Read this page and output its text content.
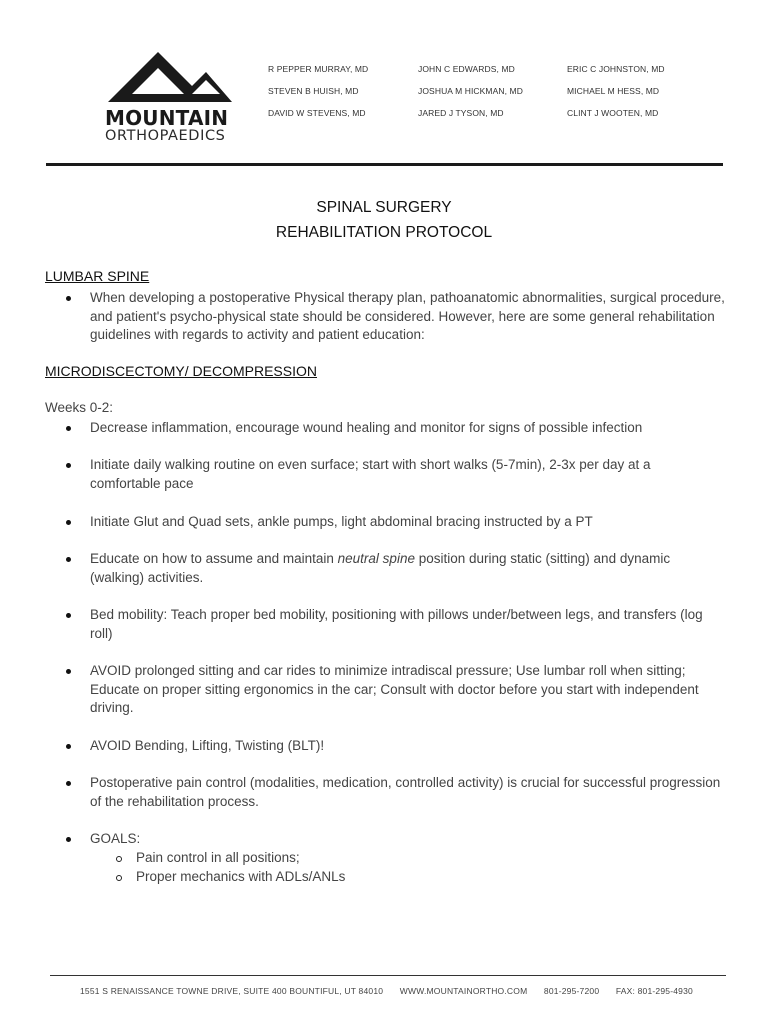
MOUNTAIN
ORTHOPAEDICS
R PEPPER MURRAY, MD	JOHN C EDWARDS, MD	ERIC C JOHNSTON, MD
STEVEN B HUISH, MD	JOSHUA M HICKMAN, MD	MICHAEL M HESS, MD
DAVID W STEVENS, MD	JARED J TYSON, MD	CLINT J WOOTEN, MD
SPINAL SURGERY
REHABILITATION PROTOCOL
LUMBAR SPINE
When developing a postoperative Physical therapy plan, pathoanatomic abnormalities, surgical procedure, and patient's psycho-physical state should be considered. However, here are some general rehabilitation guidelines with regards to activity and patient education:
MICRODISCECTOMY/ DECOMPRESSION
Weeks 0-2:
Decrease inflammation, encourage wound healing and monitor for signs of possible infection
Initiate daily walking routine on even surface; start with short walks (5-7min), 2-3x per day at a comfortable pace
Initiate Glut and Quad sets, ankle pumps, light abdominal bracing instructed by a PT
Educate on how to assume and maintain neutral spine position during static (sitting) and dynamic (walking) activities.
Bed mobility: Teach proper bed mobility, positioning with pillows under/between legs, and transfers (log roll)
AVOID prolonged sitting and car rides to minimize intradiscal pressure; Use lumbar roll when sitting; Educate on proper sitting ergonomics in the car; Consult with doctor before you start with independent driving.
AVOID Bending, Lifting, Twisting (BLT)!
Postoperative pain control (modalities, medication, controlled activity) is crucial for successful progression of the rehabilitation process.
GOALS:
Pain control in all positions;
Proper mechanics with ADLs/ANLs
1551 S RENAISSANCE TOWNE DRIVE, SUITE 400 BOUNTIFUL, UT 84010 WWW.MOUNTAINORTHO.COM 801-295-7200 FAX: 801-295-4930
